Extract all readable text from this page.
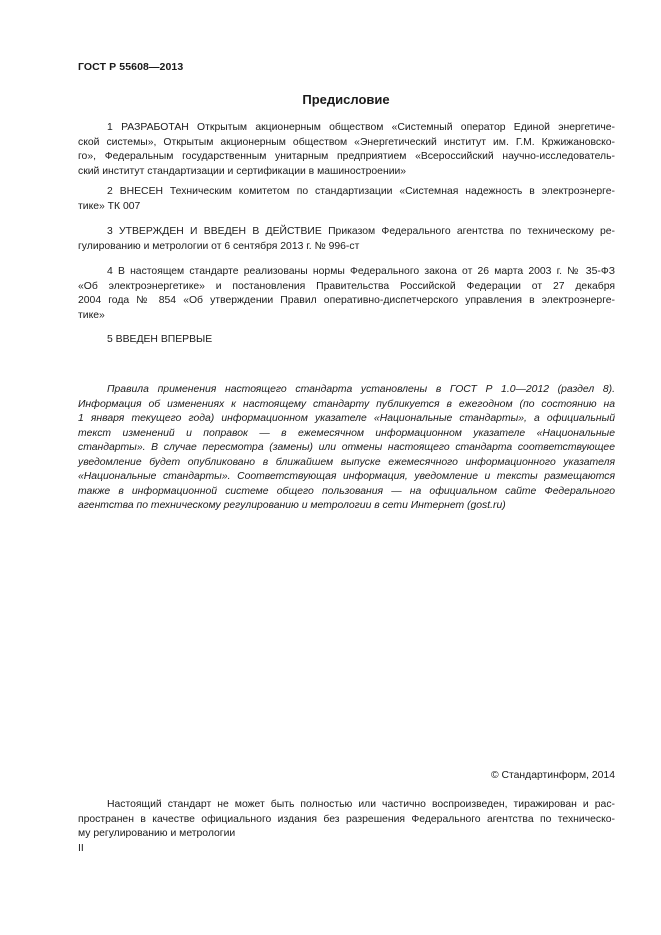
ГОСТ Р 55608—2013
Предисловие

1 РАЗРАБОТАН Открытым акционерным обществом «Системный оператор Единой энергетиче-
ской системы», Открытым акционерным обществом «Энергетический институт им. Г.М. Кржижановско-
го», Федеральным государственным унитарным предприятием «Всероссийский научно-исследователь-
ский институт стандартизации и сертификации в машиностроении»

2 ВНЕСЕН Техническим комитетом по стандартизации «Системная надежность в электроэнерге-
тике» ТК 007

3 УТВЕРЖДЕН И ВВЕДЕН В ДЕЙСТВИЕ Приказом Федерального агентства по техническому ре-
гулированию и метрологии от 6 сентября 2013 г. № 996-ст

4 В настоящем стандарте реализованы нормы Федерального закона от 26 марта 2003 г. № 35-ФЗ
«Об электроэнергетике» и постановления Правительства Российской Федерации от 27 декабря
2004 года № 854 «Об утверждении Правил оперативно-диспетчерского управления в электроэнерге-
тике»

5 ВВЕДЕН ВПЕРВЫЕ

Правила применения настоящего стандарта установлены в ГОСТ Р 1.0—2012 (раздел 8).
Информация об изменениях к настоящему стандарту публикуется в ежегодном (по состоянию на
1 января текущего года) информационном указателе «Национальные стандарты», а официальный
текст изменений и поправок — в ежемесячном информационном указателе «Национальные
стандарты». В случае пересмотра (замены) или отмены настоящего стандарта соответствующее
уведомление будет опубликовано в ближайшем выпуске ежемесячного информационного указателя
«Национальные стандарты». Соответствующая информация, уведомление и тексты размещаются
также в информационной системе общего пользования — на официальном сайте Федерального
агентства по техническому регулированию и метрологии в сети Интернет (gost.ru)

© Стандартинформ, 2014

Настоящий стандарт не может быть полностью или частично воспроизведен, тиражирован и рас-
пространен в качестве официального издания без разрешения Федерального агентства по техническо-
му регулированию и метрологии

II
